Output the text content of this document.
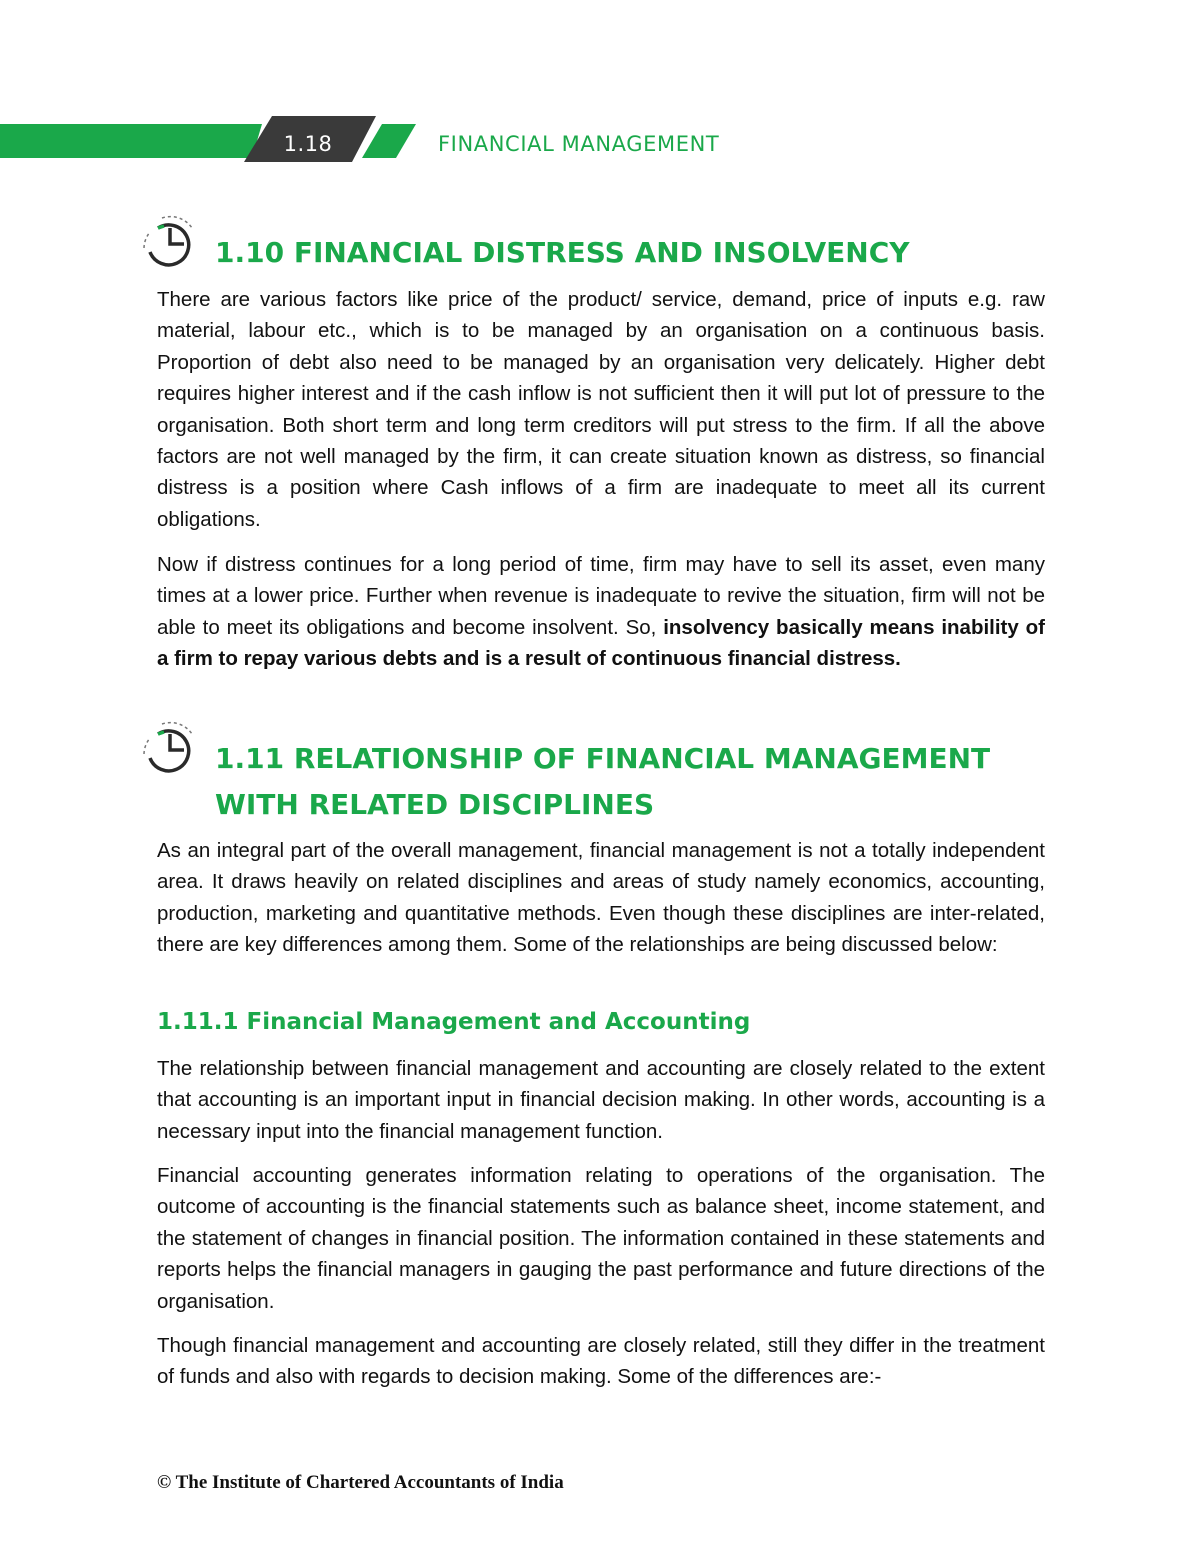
1.18	FINANCIAL MANAGEMENT
1.10 FINANCIAL DISTRESS AND INSOLVENCY

There are various factors like price of the product/ service, demand, price of inputs e.g. raw material, labour etc., which is to be managed by an organisation on a continuous basis. Proportion of debt also need to be managed by an organisation very delicately. Higher debt requires higher interest and if the cash inflow is not sufficient then it will put lot of pressure to the organisation. Both short term and long term creditors will put stress to the firm. If all the above factors are not well managed by the firm, it can create situation known as distress, so financial distress is a position where Cash inflows of a firm are inadequate to meet all its current obligations.

Now if distress continues for a long period of time, firm may have to sell its asset, even many times at a lower price. Further when revenue is inadequate to revive the situation, firm will not be able to meet its obligations and become insolvent. So, insolvency basically means inability of a firm to repay various debts and is a result of continuous financial distress.

1.11 RELATIONSHIP OF FINANCIAL MANAGEMENT
WITH RELATED DISCIPLINES

As an integral part of the overall management, financial management is not a totally independent area. It draws heavily on related disciplines and areas of study namely economics, accounting, production, marketing and quantitative methods. Even though these disciplines are inter-related, there are key differences among them. Some of the relationships are being discussed below:

1.11.1 Financial Management and Accounting

The relationship between financial management and accounting are closely related to the extent that accounting is an important input in financial decision making. In other words, accounting is a necessary input into the financial management function.

Financial accounting generates information relating to operations of the organisation. The outcome of accounting is the financial statements such as balance sheet, income statement, and the statement of changes in financial position. The information contained in these statements and reports helps the financial managers in gauging the past performance and future directions of the organisation.

Though financial management and accounting are closely related, still they differ in the treatment of funds and also with regards to decision making. Some of the differences are:-

© The Institute of Chartered Accountants of India
